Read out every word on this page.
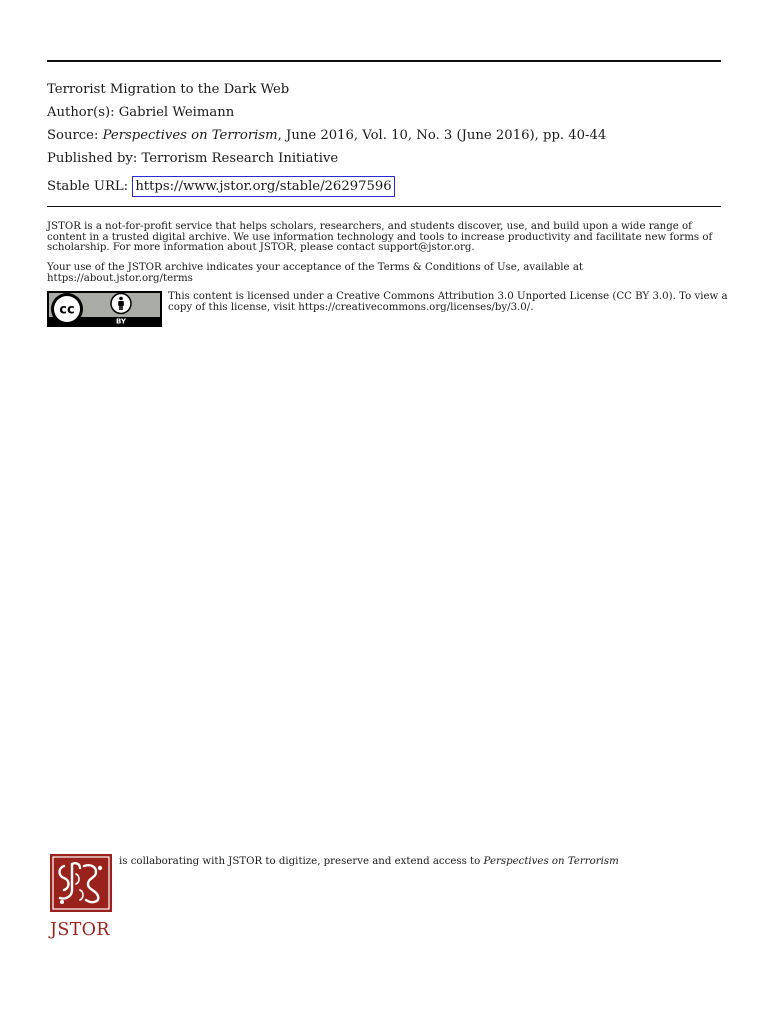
Terrorist Migration to the Dark Web
Author(s): Gabriel Weimann
Source: Perspectives on Terrorism, June 2016, Vol. 10, No. 3 (June 2016), pp. 40-44
Published by: Terrorism Research Initiative
Stable URL: https://www.jstor.org/stable/26297596
JSTOR is a not-for-profit service that helps scholars, researchers, and students discover, use, and build upon a wide range of content in a trusted digital archive. We use information technology and tools to increase productivity and facilitate new forms of scholarship. For more information about JSTOR, please contact support@jstor.org.
Your use of the JSTOR archive indicates your acceptance of the Terms & Conditions of Use, available at https://about.jstor.org/terms
cc
BY
This content is licensed under a Creative Commons Attribution 3.0 Unported License (CC BY 3.0). To view a copy of this license, visit https://creativecommons.org/licenses/by/3.0/.
JSTOR
is collaborating with JSTOR to digitize, preserve and extend access to Perspectives on Terrorism
